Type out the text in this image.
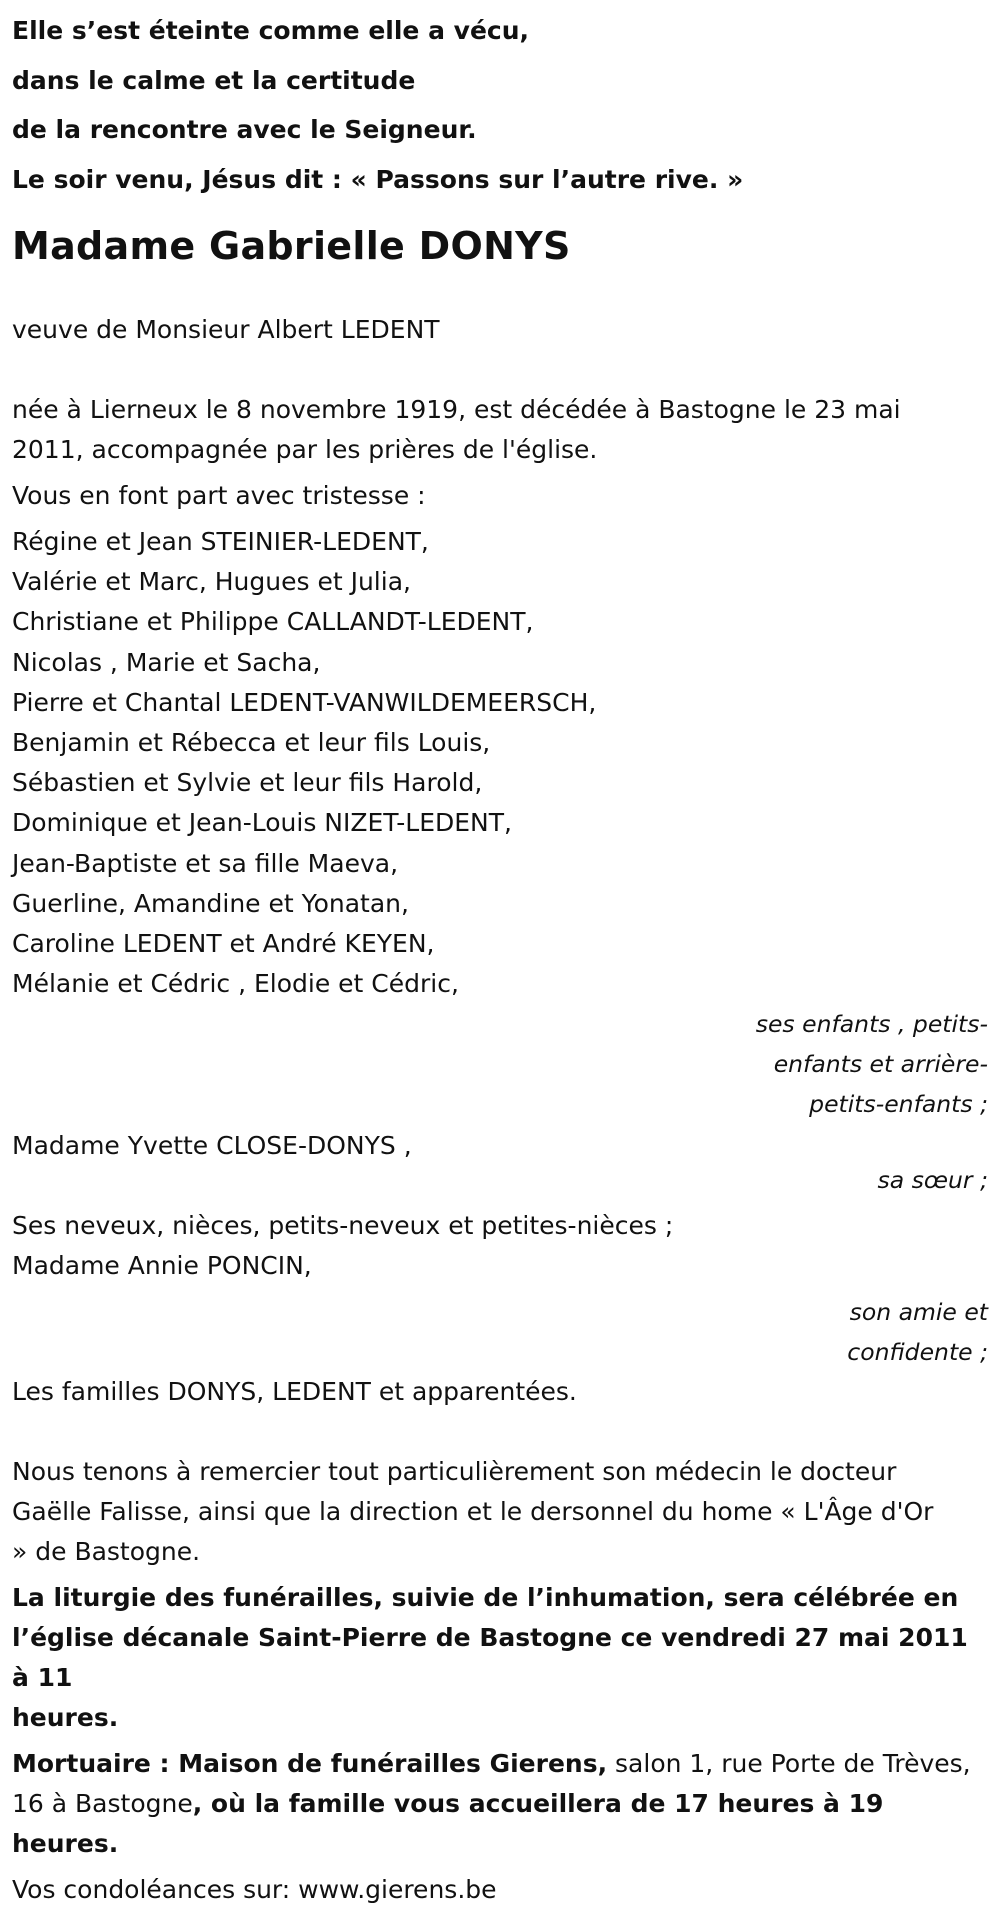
Elle s’est éteinte comme elle a vécu,
dans le calme et la certitude
de la rencontre avec le Seigneur.
Le soir venu, Jésus dit : « Passons sur l’autre rive. »
Madame Gabrielle DONYS
veuve de Monsieur Albert LEDENT
née à Lierneux le 8 novembre 1919, est décédée à Bastogne le 23 mai
2011, accompagnée par les prières de l'église.
Vous en font part avec tristesse :
Régine et Jean STEINIER-LEDENT,
Valérie et Marc, Hugues et Julia,
Christiane et Philippe CALLANDT-LEDENT,
Nicolas , Marie et Sacha,
Pierre et Chantal LEDENT-VANWILDEMEERSCH,
Benjamin et Rébecca et leur fils Louis,
Sébastien et Sylvie et leur fils Harold,
Dominique et Jean-Louis NIZET-LEDENT,
Jean-Baptiste et sa fille Maeva,
Guerline, Amandine et Yonatan,
Caroline LEDENT et André KEYEN,
Mélanie et Cédric , Elodie et Cédric,
ses enfants , petits-
enfants et arrière-
petits-enfants ;
Madame Yvette CLOSE-DONYS ,
sa sœur ;
Ses neveux, nièces, petits-neveux et petites-nièces ;
Madame Annie PONCIN,
son amie et
confidente ;
Les familles DONYS, LEDENT et apparentées.
Nous tenons à remercier tout particulièrement son médecin le docteur
Gaëlle Falisse, ainsi que la direction et le dersonnel du home « L'Âge d'Or
» de Bastogne.
La liturgie des funérailles, suivie de l’inhumation, sera célébrée en
l’église décanale Saint-Pierre de Bastogne ce vendredi 27 mai 2011 à 11
heures.
Mortuaire : Maison de funérailles Gierens, salon 1, rue Porte de Trèves,
16 à Bastogne, où la famille vous accueillera de 17 heures à 19 heures.
Vos condoléances sur: www.gierens.be
